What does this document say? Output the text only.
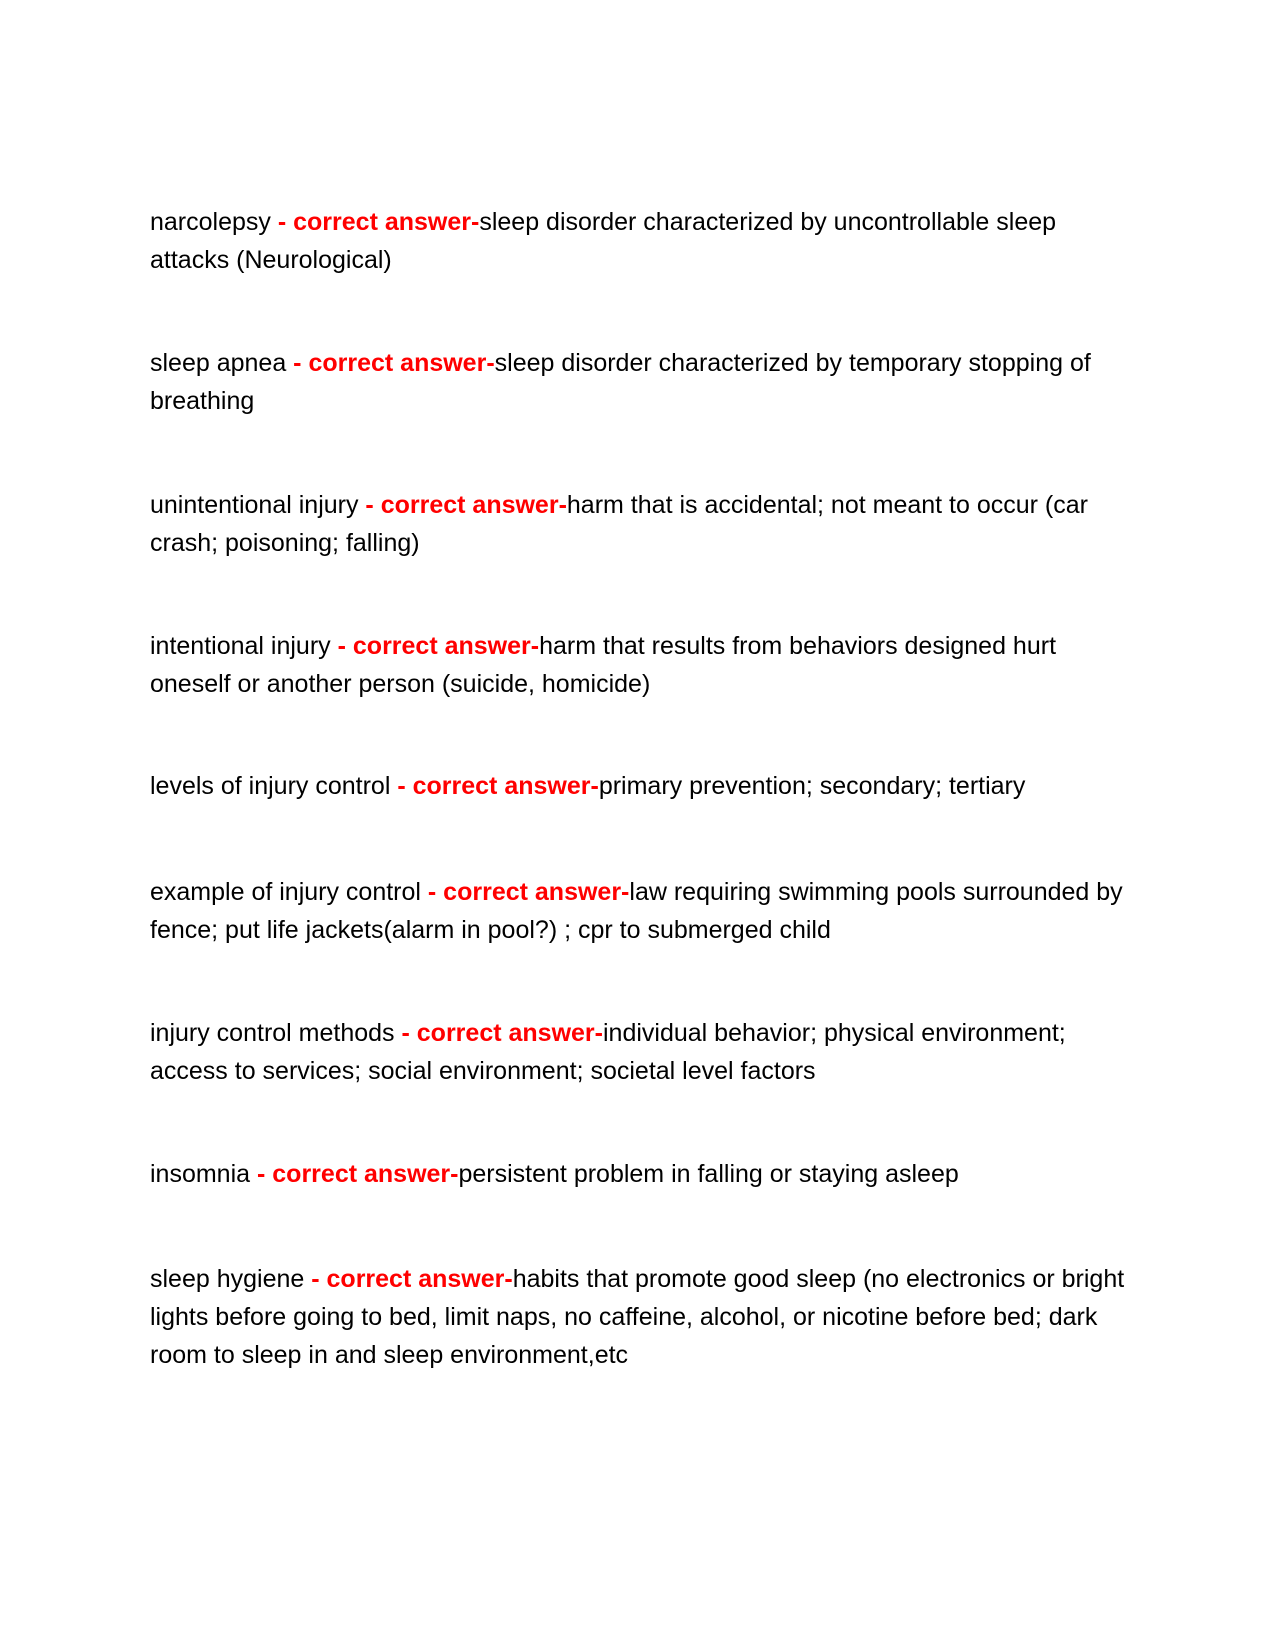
narcolepsy - correct answer-sleep disorder characterized by uncontrollable sleep attacks (Neurological)

sleep apnea - correct answer-sleep disorder characterized by temporary stopping of breathing

unintentional injury - correct answer-harm that is accidental; not meant to occur (car crash; poisoning; falling)

intentional injury - correct answer-harm that results from behaviors designed hurt oneself or another person (suicide, homicide)

levels of injury control - correct answer-primary prevention; secondary; tertiary

example of injury control - correct answer-law requiring swimming pools surrounded by fence; put life jackets(alarm in pool?) ; cpr to submerged child

injury control methods - correct answer-individual behavior; physical environment; access to services; social environment; societal level factors

insomnia - correct answer-persistent problem in falling or staying asleep

sleep hygiene - correct answer-habits that promote good sleep (no electronics or bright lights before going to bed, limit naps, no caffeine, alcohol, or nicotine before bed; dark room to sleep in and sleep environment,etc
